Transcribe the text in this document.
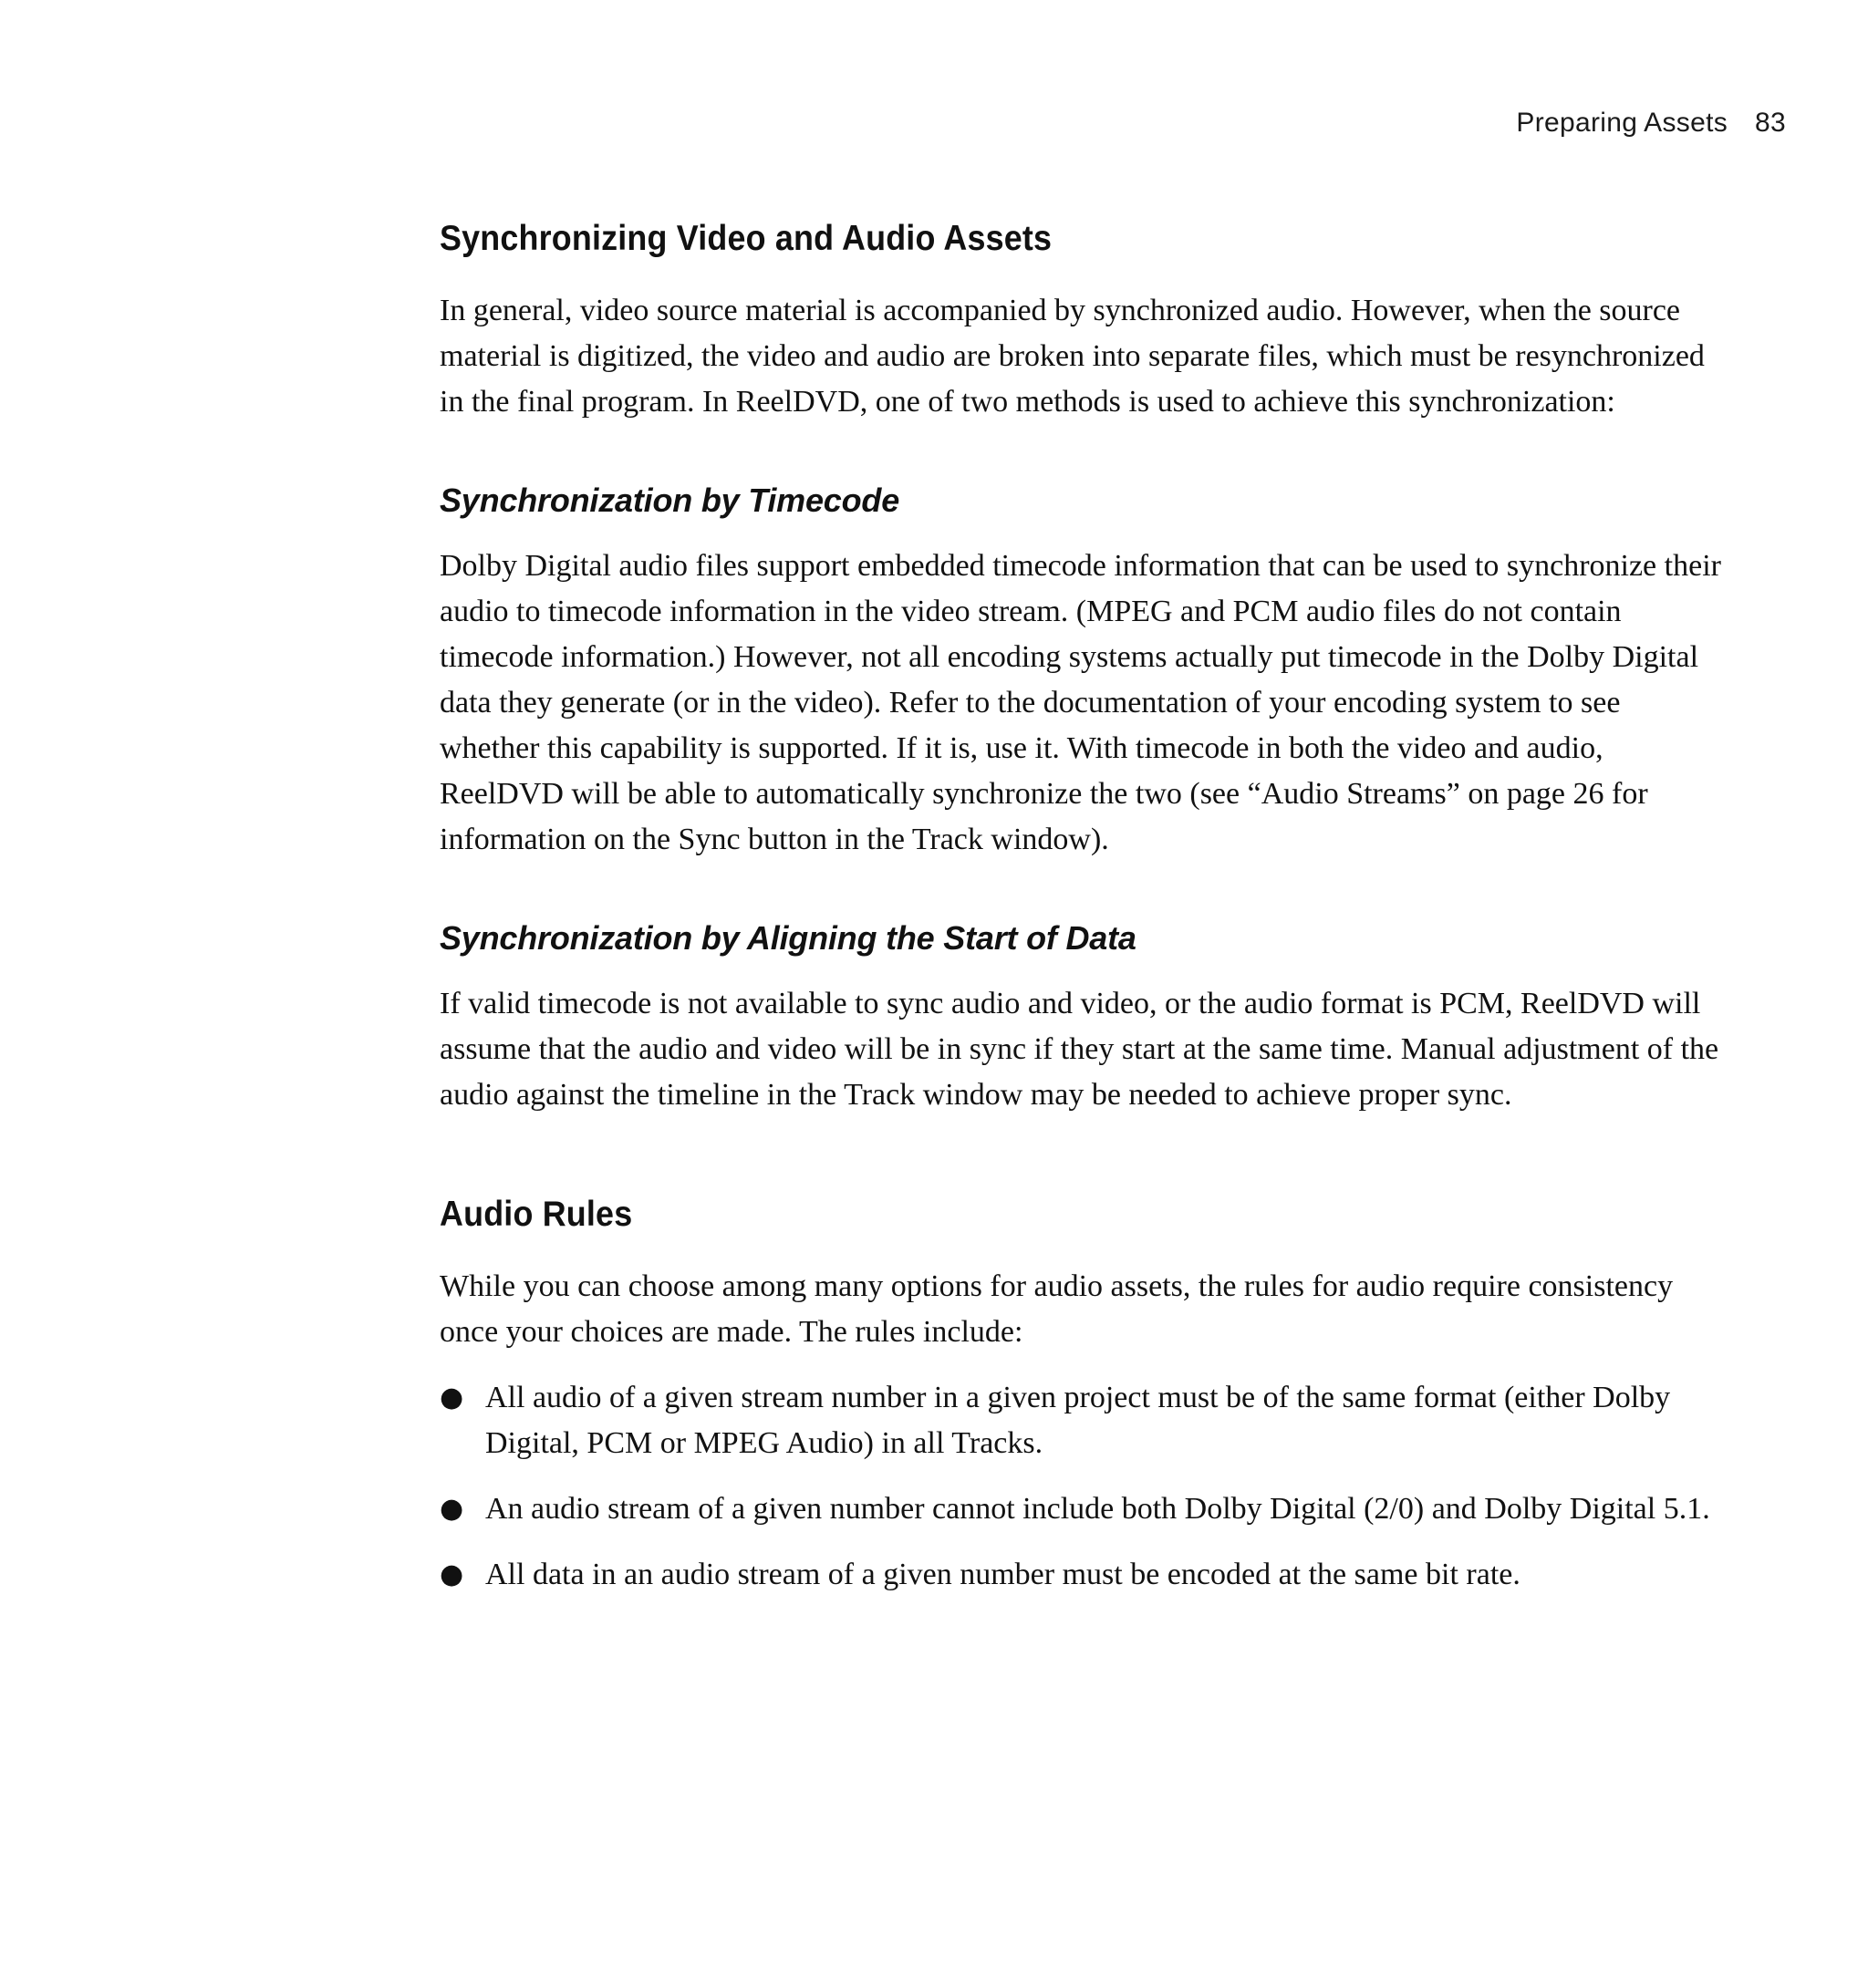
Preparing Assets 83
Synchronizing Video and Audio Assets

In general, video source material is accompanied by synchronized audio. However, when the source material is digitized, the video and audio are broken into separate files, which must be resynchronized in the final program. In ReelDVD, one of two methods is used to achieve this synchronization:

Synchronization by Timecode

Dolby Digital audio files support embedded timecode information that can be used to synchronize their audio to timecode information in the video stream. (MPEG and PCM audio files do not contain timecode information.) However, not all encoding systems actually put timecode in the Dolby Digital data they generate (or in the video). Refer to the documentation of your encoding system to see whether this capability is supported. If it is, use it. With timecode in both the video and audio, ReelDVD will be able to automatically synchronize the two (see “Audio Streams” on page 26 for information on the Sync button in the Track window).

Synchronization by Aligning the Start of Data

If valid timecode is not available to sync audio and video, or the audio format is PCM, ReelDVD will assume that the audio and video will be in sync if they start at the same time. Manual adjustment of the audio against the timeline in the Track window may be needed to achieve proper sync.

Audio Rules

While you can choose among many options for audio assets, the rules for audio require consistency once your choices are made. The rules include:

● All audio of a given stream number in a given project must be of the same format (either Dolby Digital, PCM or MPEG Audio) in all Tracks.
● An audio stream of a given number cannot include both Dolby Digital (2/0) and Dolby Digital 5.1.
● All data in an audio stream of a given number must be encoded at the same bit rate.
